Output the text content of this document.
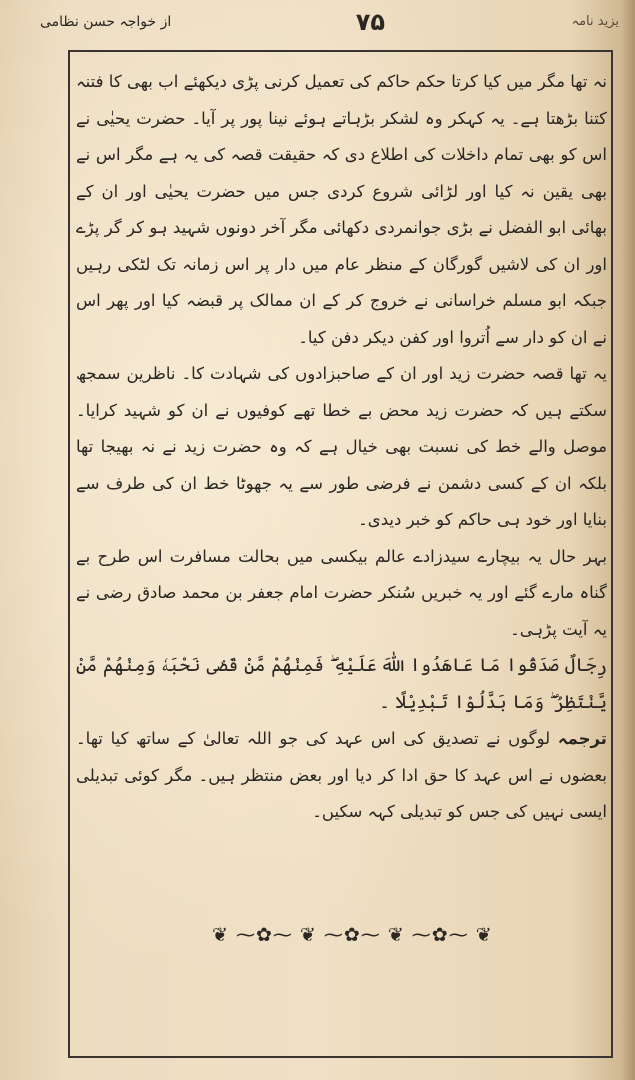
یزید نامہ
۷۵
از خواجہ حسن نظامی

نہ تھا مگر میں کیا کرتا حکم حاکم کی تعمیل کرنی پڑی دیکھئے اب بھی کا فتنہ کتنا بڑھتا ہے۔ یہ کہکر وہ لشکر بڑہاتے ہوئے نینا پور پر آیا۔ حضرت یحیٰی نے اس کو بھی تمام داخلات کی اطلاع دی کہ حقیقت قصہ کی یہ ہے مگر اس نے بھی یقین نہ کیا اور لڑائی شروع کردی جس میں حضرت یحیٰی اور ان کے بھائی ابو الفضل نے بڑی جوانمردی دکھائی مگر آخر دونوں شہید ہو کر گر پڑے اور ان کی لاشیں گورگان کے منظر عام میں دار پر اس زمانہ تک لٹکی رہیں جبکہ ابو مسلم خراسانی نے خروج کر کے ان ممالک پر قبضہ کیا اور پھر اس نے ان کو دار سے اُتروا اور کفن دیکر دفن کیا۔

یہ تھا قصہ حضرت زید اور ان کے صاحبزادوں کی شہادت کا۔ ناظرین سمجھ سکتے ہیں کہ حضرت زید محض بے خطا تھے کوفیوں نے ان کو شہید کرایا۔ موصل والے خط کی نسبت بھی خیال ہے کہ وہ حضرت زید نے نہ بھیجا تھا بلکہ ان کے کسی دشمن نے فرضی طور سے یہ جھوٹا خط ان کی طرف سے بنایا اور خود ہی حاکم کو خبر دیدی۔

بہر حال یہ بیچارے سیدزادے عالم بیکسی میں بحالت مسافرت اس طرح بے گناہ مارے گئے اور یہ خبریں سُنکر حضرت امام جعفر بن محمد صادق رضی نے یہ آیت پڑہی۔

رِجَالٌ صَدَقُوا مَا عَاهَدُوا اللّٰهَ عَلَيْهِ ۖ فَمِنْهُمْ مَّنْ قَضٰى نَحْبَهٗ وَمِنْهُمْ مَّنْ يَّنْتَظِرُ ۖ وَمَا بَدَّلُوْا تَبْدِيْلًا ۔

ترجمہ لوگوں نے تصدیق کی اس عہد کی جو اللہ تعالیٰ کے ساتھ کیا تھا۔ بعضوں نے اس عہد کا حق ادا کر دیا اور بعض منتظر ہیں۔ مگر کوئی تبدیلی ایسی نہیں کی جس کو تبدیلی کہہ سکیں۔

❦ ⁓✿⁓ ❦ ⁓✿⁓ ❦ ⁓✿⁓ ❦
